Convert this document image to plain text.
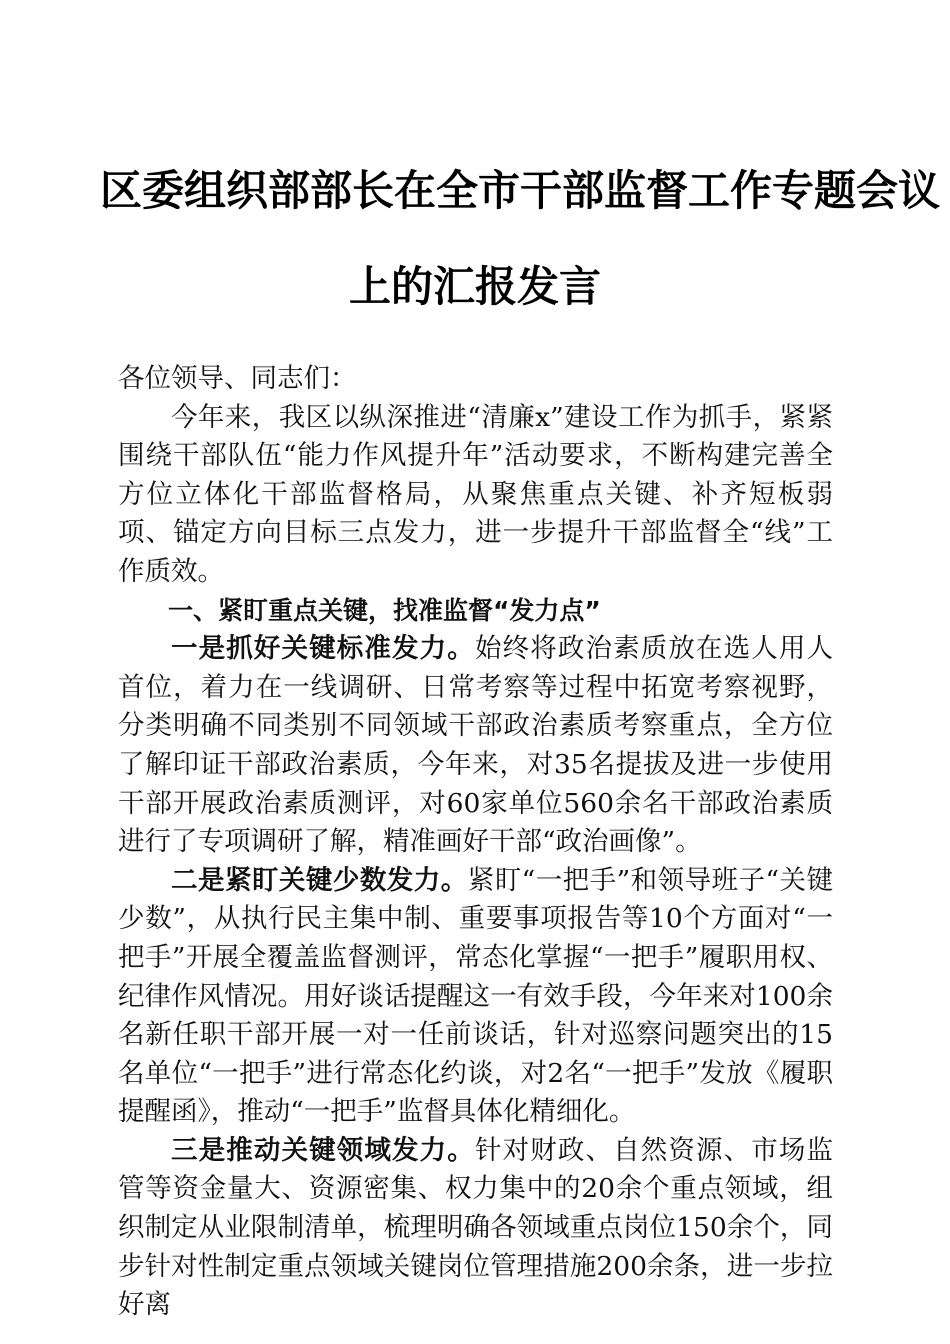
区委组织部部长在全市干部监督工作专题会议
上的汇报发言

各位领导、同志们：

今年来，我区以纵深推进“清廉x”建设工作为抓手，紧紧围绕干部队伍“能力作风提升年”活动要求，不断构建完善全方位立体化干部监督格局，从聚焦重点关键、补齐短板弱项、锚定方向目标三点发力，进一步提升干部监督全“线”工作质效。

一、紧盯重点关键，找准监督“发力点”

一是抓好关键标准发力。始终将政治素质放在选人用人首位，着力在一线调研、日常考察等过程中拓宽考察视野，分类明确不同类别不同领域干部政治素质考察重点，全方位了解印证干部政治素质，今年来，对35名提拔及进一步使用干部开展政治素质测评，对60家单位560余名干部政治素质进行了专项调研了解，精准画好干部“政治画像”。

二是紧盯关键少数发力。紧盯“一把手”和领导班子“关键少数”，从执行民主集中制、重要事项报告等10个方面对“一把手”开展全覆盖监督测评，常态化掌握“一把手”履职用权、纪律作风情况。用好谈话提醒这一有效手段，今年来对100余名新任职干部开展一对一任前谈话，针对巡察问题突出的15名单位“一把手”进行常态化约谈，对2名“一把手”发放《履职提醒函》，推动“一把手”监督具体化精细化。

三是推动关键领域发力。针对财政、自然资源、市场监管等资金量大、资源密集、权力集中的20余个重点领域，组织制定从业限制清单，梳理明确各领域重点岗位150余个，同步针对性制定重点领域关键岗位管理措施200余条，进一步拉好离
